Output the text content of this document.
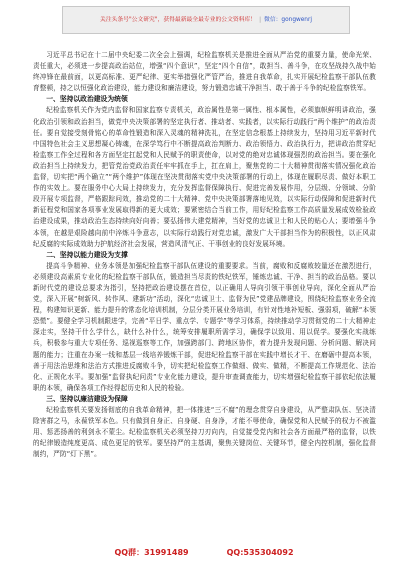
关注头条号"公文研究"，获得最新最全最专业的公文资料库！ | 微信：gongwenrj

习近平总书记在十二届中央纪委二次全会上强调，纪检监察机关是推进全面从严治党的重要力量，使命光荣、责任重大，必须进一步提高政治站位，增强“四个意识”，坚定“四个自信”，敢担当、善斗争，在攻坚战持久战中始终冲锋在最前面，以更高标准、更严纪律、更实举措强化严管严治，推进自我革命，扎实开展纪检监察干部队伍教育整顿，持之以恒强化政治建设，能力建设和廉洁建设，努力锻造忠诚干净担当、敢于善于斗争的纪检监察铁军。

一、坚持以政治建设为统领

纪检监察机关作为党内监督和国家监察专责机关，政治属性是第一属性、根本属性，必须旗帜鲜明讲政治，强化政治引领和政治担当，做党中央决策部署的坚定执行者、推动者、实践者，以实际行动践行“两个维护”的政治责任。要自觉接受刻骨铭心的革命性锻造和深入灵魂的精神洗礼，在坚定信念根基上持续发力，坚持用习近平新时代中国特色社会主义思想凝心铸魂，在深学笃行中不断提高政治判断力、政治领悟力、政治执行力，把讲政治贯穿纪检监察工作全过程和各方面坚定扛起党和人民赋予的职责使命，以对党的绝对忠诚体现强烈的政治担当。要在强化政治担当上持续发力，把管党治党政治责任牢牢抓在手上，扛在肩上，聚焦党的二十大精神贯彻落实情况强化政治监督，切实把“两个确立”“两个维护”体现在坚决贯彻落实党中央决策部署的行动上，体现在履职尽责、做好本职工作的实效上。要在服务中心大局上持续发力，充分发挥监督保障执行、促进完善发展作用，分层级、分领域、分阶段开展专项监督，严格跟踪问效，推动党的二十大精神、党中央决策部署落地见效，以实际行动保障和促进新时代新征程党和国家各项事业发展取得新的更大成效；要紧密结合当前工作，用好纪检监察工作高质量发展成效检验政治建设成果，推动政治生态持续向好向善；要弘扬伟大建党精神，当好党的忠诚卫士和人民的贴心人；要增强斗争本领，在越是艰险越向前中淬炼斗争意志，以实际行动践行对党忠诚，激发广大干部担当作为的积极性，以正风肃纪反腐的实际成效助力护航经济社会发展，营造风清气正、干事创业的良好发展环境。

二、坚持以能力建设为支撑

提高斗争精神、业务本领是加强纪检监察干部队伍建设的重要要求。当前，腐败和反腐败较量还在激烈进行，必须建设高素质专业化的纪检监察干部队伍，锻造担当尽责的铁纪铁军，锤炼忠诚、干净、担当的政治品格。要以新时代党的建设总要求为指引，坚持把政治建设摆在首位，以正确用人导向引领干事创业导向，深化全面从严治党，深入开展“树新风、转作风、建新功”活动，深化“忠诚卫士、监督为民”党建品牌建设，围绕纪检监察业务全流程，构建知识更新、能力提升的常态化培训机制，分层分类开展业务培训，有针对性地补短板、强弱项，破解“本领恐慌”。要健全学习机制跟进学，完善“平日学、重点学、专题学”等学习体系，持续推动学习贯彻党的二十大精神走深走实，坚持干什么学什么，缺什么补什么，统筹安排履职所需学习，确保学以致用、用以促学。要强化实战练兵，积极参与重大专项任务、巡视巡察等工作，加强跨部门、跨地区协作，着力提升发现问题、分析问题、解决问题的能力；注重在办案一线和基层一线培养锻炼干部，促进纪检监察干部在实践中增长才干、在磨砺中提高本领，善于用法治思维和法治方式推进反腐败斗争，切实把纪检监察工作做细、做实、做精，不断提高工作规范化、法治化、正规化水平。要加强“监督执纪问责”专业化能力建设，提升审查调查能力，切实增强纪检监察干部依纪依法履职的本领，确保各项工作经得起历史和人民的检验。

三、坚持以廉洁建设为保障

纪检监察机关要发扬彻底的自我革命精神，把一体推进“三不腐”的理念贯穿自身建设，从严整肃队伍、坚决清除害群之马，永葆铁军本色。只有做到自身正、自身硬、自身净，才能不辱使命，确保党和人民赋予的权力不被滥用、惩恶扬善的利剑永不蒙尘。纪检监察机关必须坚持刀刃向内，自觉接受党内和社会各方面最严格的监督，以铁的纪律锻造纯度更高、成色更足的铁军。要坚持严的主基调，聚焦关键岗位、关键环节，健全内控机制，强化监督制约，严防“灯下黑”。

QQ群：31991489	QQ:535304092
